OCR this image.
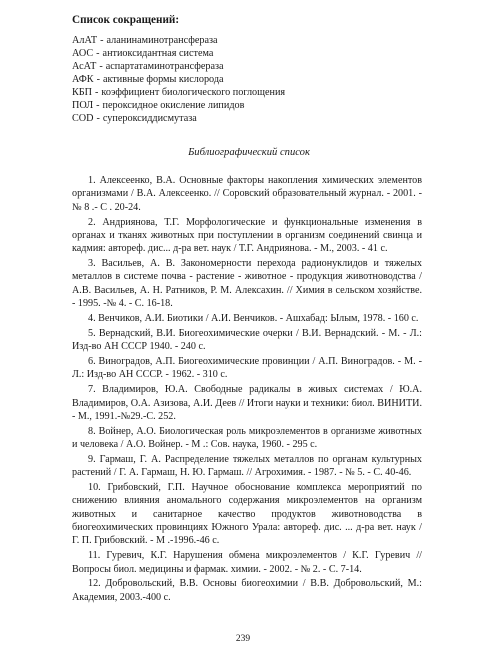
Список сокращений:
АлАТ - аланинаминотрансфераза
АОС - антиоксидантная система
АсАТ - аспартатаминотрансфераза
АФК - активные формы кислорода
КБП - коэффициент биологического поглощения
ПОЛ - пероксидное окисление липидов
COD - супероксиддисмутаза
Библиографический список
1. Алексеенко, В.А. Основные факторы накопления химических элементов организмами / В.А. Алексеенко. // Соровский образовательный журнал. - 2001. - № 8 .- С . 20-24.
2. Андриянова, Т.Г. Морфологические и функциональные изменения в органах и тканях животных при поступлении в организм соединений свинца и кадмия: автореф. дис... д-ра вет. наук / Т.Г. Андриянова. - М., 2003. - 41 с.
3. Васильев, А. В. Закономерности перехода радионуклидов и тяжелых металлов в системе почва - растение - животное - продукция животноводства / А.В. Васильев, А. Н. Ратников, Р. М. Алексахин. // Химия в сельском хозяйстве. - 1995. -№ 4. - С. 16-18.
4. Венчиков, А.И. Биотики / А.И. Венчиков. - Ашхабад: Ылым, 1978. - 160 с.
5. Вернадский, В.И. Биогеохимические очерки / В.И. Вернадский. - М. - Л.: Изд-во АН СССР 1940. - 240 с.
6. Виноградов, А.П. Биогеохимические провинции / А.П. Виноградов. - М. - Л.: Изд-во АН СССР. - 1962. - 310 с.
7. Владимиров, Ю.А. Свободные радикалы в живых системах / Ю.А. Владимиров, О.А. Азизова, А.И. Деев // Итоги науки и техники: биол. ВИНИТИ. - М., 1991.-№29.-С. 252.
8. Войнер, А.О. Биологическая роль микроэлементов в организме животных и человека / А.О. Войнер. - М .: Сов. наука, 1960. - 295 с.
9. Гармаш, Г. А. Распределение тяжелых металлов по органам культурных растений / Г. А. Гармаш, Н. Ю. Гармаш. // Агрохимия. - 1987. - № 5. - С. 40-46.
10. Грибовский, Г.П. Научное обоснование комплекса мероприятий по снижению влияния аномального содержания микроэлементов на организм животных и санитарное качество продуктов животноводства в биогеохимических провинциях Южного Урала: автореф. дис. ... д-ра вет. наук / Г. П. Грибовский. - М .-1996.-46 с.
11. Гуревич, К.Г. Нарушения обмена микроэлементов / К.Г. Гуревич // Вопросы биол. медицины и фармак. химии. - 2002. - № 2. - С. 7-14.
12. Добровольский, В.В. Основы биогеохимии / В.В. Добровольский, М.: Академия, 2003.-400 с.
239
